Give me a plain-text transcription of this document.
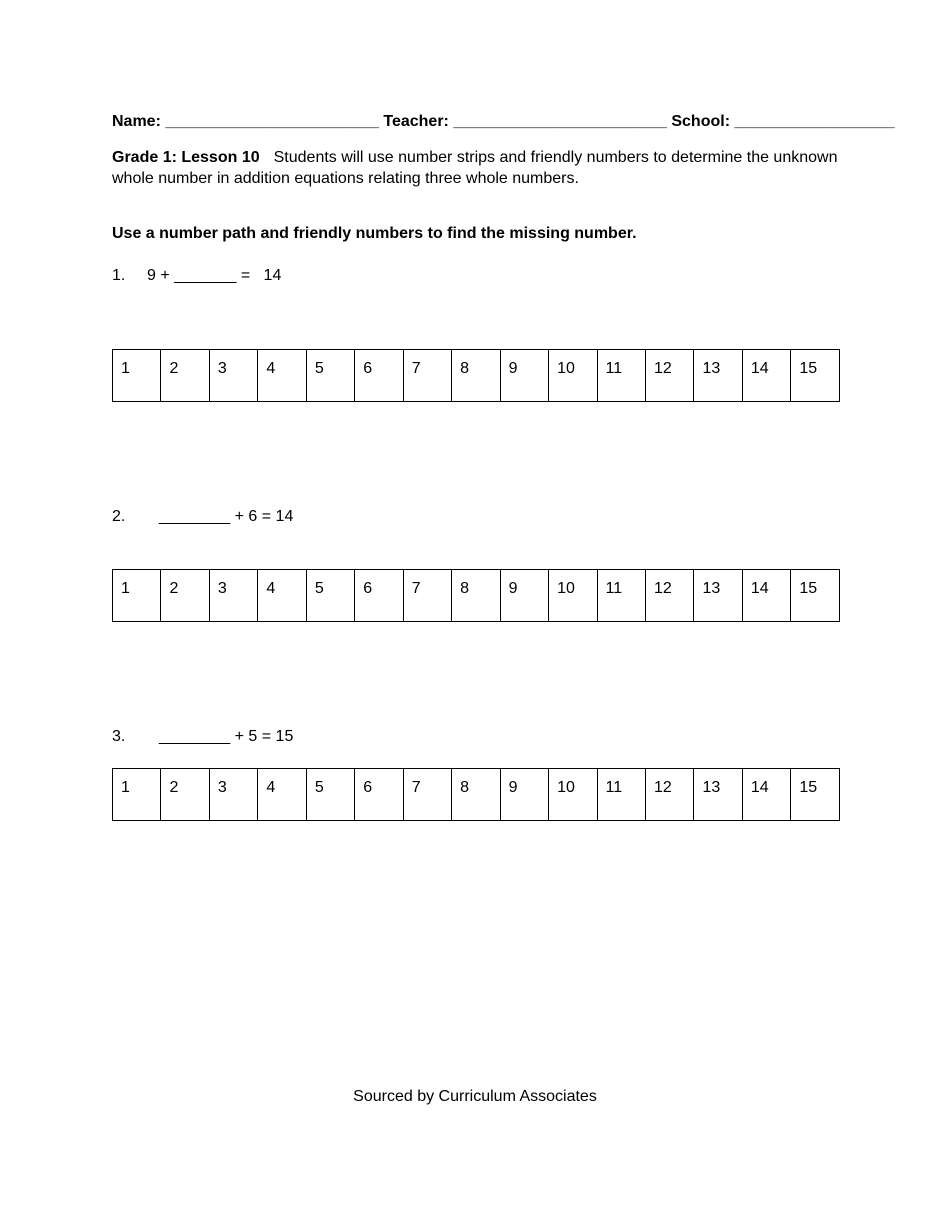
Name: ________________________ Teacher: ________________________ School: __________________
Grade 1: Lesson 10 Students will use number strips and friendly numbers to determine the unknown whole number in addition equations relating three whole numbers.
Use a number path and friendly numbers to find the missing number.
1. 9 + _______ =   14
1	2	3	4	5	6	7	8	9	10	11	12	13	14	15
2. ________ + 6 = 14
1	2	3	4	5	6	7	8	9	10	11	12	13	14	15
3. ________ + 5 = 15
1	2	3	4	5	6	7	8	9	10	11	12	13	14	15
Sourced by Curriculum Associates
